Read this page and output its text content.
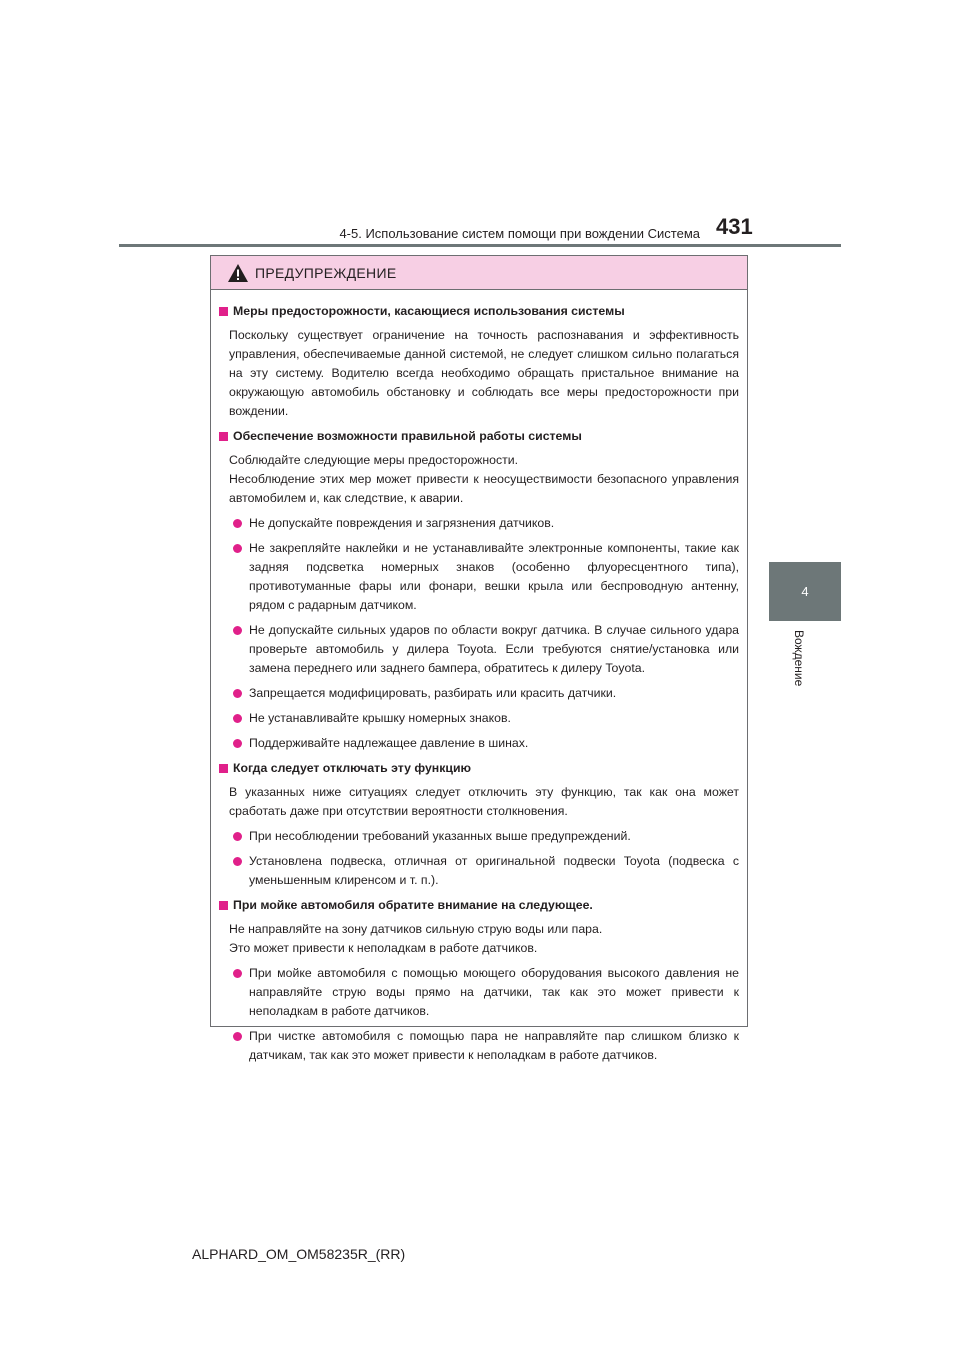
4-5. Использование систем помощи при вождении Система 431
4
Вождение
ПРЕДУПРЕЖДЕНИЕ
Меры предосторожности, касающиеся использования системы
Поскольку существует ограничение на точность распознавания и эффективность управления, обеспечиваемые данной системой, не следует слишком сильно полагаться на эту систему. Водителю всегда необходимо обращать пристальное внимание на окружающую автомобиль обстановку и соблюдать все меры предосторожности при вождении.
Обеспечение возможности правильной работы системы
Соблюдайте следующие меры предосторожности.
Несоблюдение этих мер может привести к неосуществимости безопасного управления автомобилем и, как следствие, к аварии.
Не допускайте повреждения и загрязнения датчиков.
Не закрепляйте наклейки и не устанавливайте электронные компоненты, такие как задняя подсветка номерных знаков (особенно флуоресцентного типа), противотуманные фары или фонари, вешки крыла или беспроводную антенну, рядом с радарным датчиком.
Не допускайте сильных ударов по области вокруг датчика. В случае сильного удара проверьте автомобиль у дилера Toyota. Если требуются снятие/установка или замена переднего или заднего бампера, обратитесь к дилеру Toyota.
Запрещается модифицировать, разбирать или красить датчики.
Не устанавливайте крышку номерных знаков.
Поддерживайте надлежащее давление в шинах.
Когда следует отключать эту функцию
В указанных ниже ситуациях следует отключить эту функцию, так как она может сработать даже при отсутствии вероятности столкновения.
При несоблюдении требований указанных выше предупреждений.
Установлена подвеска, отличная от оригинальной подвески Toyota (подвеска с уменьшенным клиренсом и т. п.).
При мойке автомобиля обратите внимание на следующее.
Не направляйте на зону датчиков сильную струю воды или пара.
Это может привести к неполадкам в работе датчиков.
При мойке автомобиля с помощью моющего оборудования высокого давления не направляйте струю воды прямо на датчики, так как это может привести к неполадкам в работе датчиков.
При чистке автомобиля с помощью пара не направляйте пар слишком близко к датчикам, так как это может привести к неполадкам в работе датчиков.
ALPHARD_OM_OM58235R_(RR)
